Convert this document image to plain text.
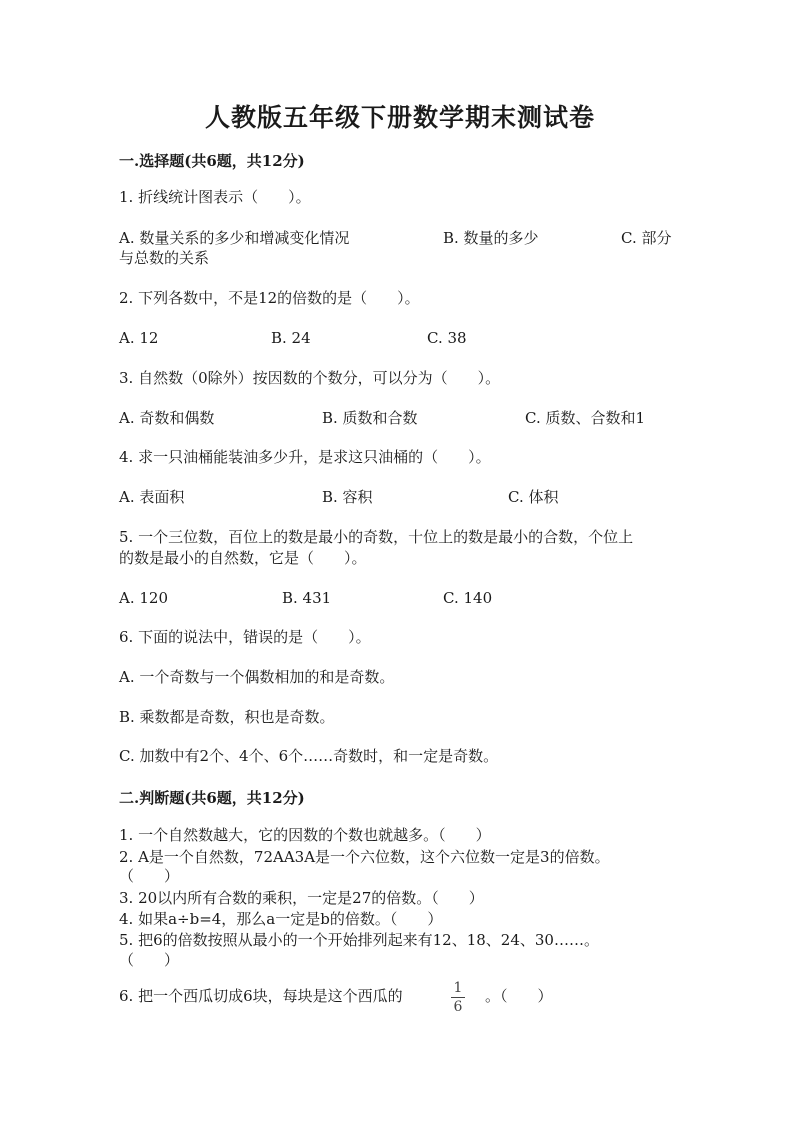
人教版五年级下册数学期末测试卷
一.选择题(共6题，共12分)
1. 折线统计图表示（　　）。
A. 数量关系的多少和增减变化情况	B. 数量的多少	C. 部分
与总数的关系
2. 下列各数中，不是12的倍数的是（　　）。
A. 12	B. 24	C. 38
3. 自然数（0除外）按因数的个数分，可以分为（　　）。
A. 奇数和偶数	B. 质数和合数	C. 质数、合数和1
4. 求一只油桶能装油多少升，是求这只油桶的（　　）。
A. 表面积	B. 容积	C. 体积
5. 一个三位数，百位上的数是最小的奇数，十位上的数是最小的合数，个位上
的数是最小的自然数，它是（　　）。
A. 120	B. 431	C. 140
6. 下面的说法中，错误的是（　　）。
A. 一个奇数与一个偶数相加的和是奇数。
B. 乘数都是奇数，积也是奇数。
C. 加数中有2个、4个、6个……奇数时，和一定是奇数。
二.判断题(共6题，共12分)
1. 一个自然数越大，它的因数的个数也就越多。（　　）
2. A是一个自然数，72AA3A是一个六位数，这个六位数一定是3的倍数。
（　　）
3. 20以内所有合数的乘积，一定是27的倍数。（　　）
4. 如果a÷b=4，那么a一定是b的倍数。（　　）
5. 把6的倍数按照从最小的一个开始排列起来有12、18、24、30……。
（　　）
6. 把一个西瓜切成6块，每块是这个西瓜的	1
6
。（　　）
